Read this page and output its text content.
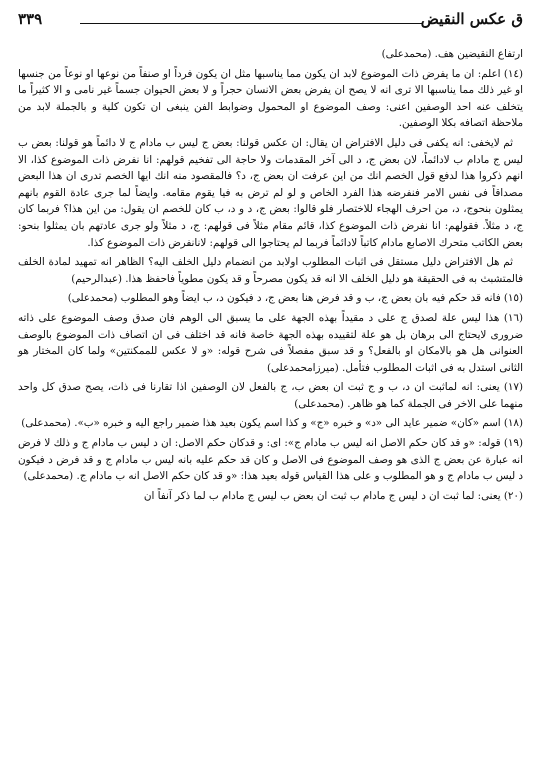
ق عكس النقيض
٣٣٩

ارتفاع النقيضين هف. (محمدعلی)

(١٤) اعلم: ان ما يفرض ذات الموضوع لابد ان يكون مما يناسبها مثل ان يكون فرداً او صنفاً من نوعها او نوعاً من جنسها او غير ذلك مما يناسبها الا ترى انه لا يصح ان يفرض بعض الانسان حجراً و لا بعض الحيوان جسماً غير نامی و الا كثيراً ما يتخلف عنه احد الوصفين اعنی: وصف الموضوع او المحمول وضوابط الفن ينبغی ان تكون كلية و بالجملة لابد من ملاحظة اتصافه بكلا الوصفين.

ثم لايخفى: انه يكفی فی دليل الافتراض ان يقال: ان عكس قولنا: بعض ج ليس ب مادام ج لا دائماً هو قولنا: بعض ب ليس ج مادام ب لادائماً، لان بعض ج، د الى آخر المقدمات ولا حاجة الى تفخيم قولهم: انا نفرض ذات الموضوع كذا، الا انهم ذكروا هذا لدفع قول الخصم انك من اين عرفت ان بعض ج، د؟ فالمقصود منه انك ايها الخصم تدری ان هذا البعض مصداقاً فی نفس الامر فنفرضه هذا الفرد الخاص و لو لم ترض به فيا يقوم مقامه. وايضاً لما جرى عادة القوم بانهم يمثلون بنحوج، د، من احرف الهجاء للاختصار فلو قالوا: بعض ج، د و د، ب كان للخصم ان يقول: من اين هذا؟ فربما كان ج، د مثلاً. فقولهم: انا نفرض ذات الموضوع كذا، قائم مقام مثلاً فی قولهم: ج، د مثلاً ولو جرى عادتهم بان يمثلوا بنحو: بعض الكاتب متحرك الاصابع مادام كاتباً لادائماً فربما لم يحتاجوا الى قولهم: لانانفرض ذات الموضوع كذا.

ثم هل الافتراض دليل مستقل فی اثبات المطلوب اولابد من انضمام دليل الخلف اليه؟ الظاهر انه تمهيد لمادة الخلف فالمتشبث به فی الحقيقة هو دليل الخلف الا انه قد يكون مصرحاً و قد يكون مطوياً فاحفظ هذا. (عبدالرحيم)

(١٥) فانه قد حكم فيه بان بعض ج، ب و قد فرض هنا بعض ج، د فيكون د، ب ايضاً وهو المطلوب (محمدعلی)

(١٦) هذا ليس علة لصدق ج على د مقيداً بهذه الجهة على ما يسبق الى الوهم فان صدق وصف الموضوع على ذاته ضروری لايحتاج الى برهان بل هو علة لتقييده بهذه الجهة خاصة فانه قد اختلف فی ان اتصاف ذات الموضوع بالوصف العنوانی هل هو بالامكان او بالفعل؟ و قد سبق مفصلاً فی شرح قوله: «و لا عكس للممكنتين» ولما كان المختار هو الثانی استدل به فی اثبات المطلوب فتأمل. (ميرزامحمدعلی)

(١٧) يعنی: انه لماثبت ان د، ب و ج ثبت ان بعض ب، ج بالفعل لان الوصفين اذا تقارنا فی ذات، يصح صدق كل واحد منهما على الاخر فی الجملة كما هو ظاهر. (محمدعلی)

(١٨) اسم «كان» ضمير عايد الى «د» و خبره «ج» و كذا اسم يكون بعيد هذا ضمير راجع اليه و خبره «ب». (محمدعلی)

(١٩) قوله: «و قد كان حكم الاصل انه ليس ب مادام ج»: ای: و قدكان حكم الاصل: ان د ليس ب مادام ج و ذلك لا فرض انه عبارة عن بعض ج الذی هو وصف الموضوع فی الاصل و كان قد حكم عليه بانه ليس ب مادام ج و قد فرض د فيكون د ليس ب مادام ج و هو المطلوب و على هذا القياس قوله بعيد هذا: «و قد كان حكم الاصل انه ب مادام ج. (محمدعلی)

(٢٠) يعنی: لما ثبت ان د ليس ج مادام ب ثبت ان بعض ب ليس ج مادام ب لما ذكر آنفاً ان
